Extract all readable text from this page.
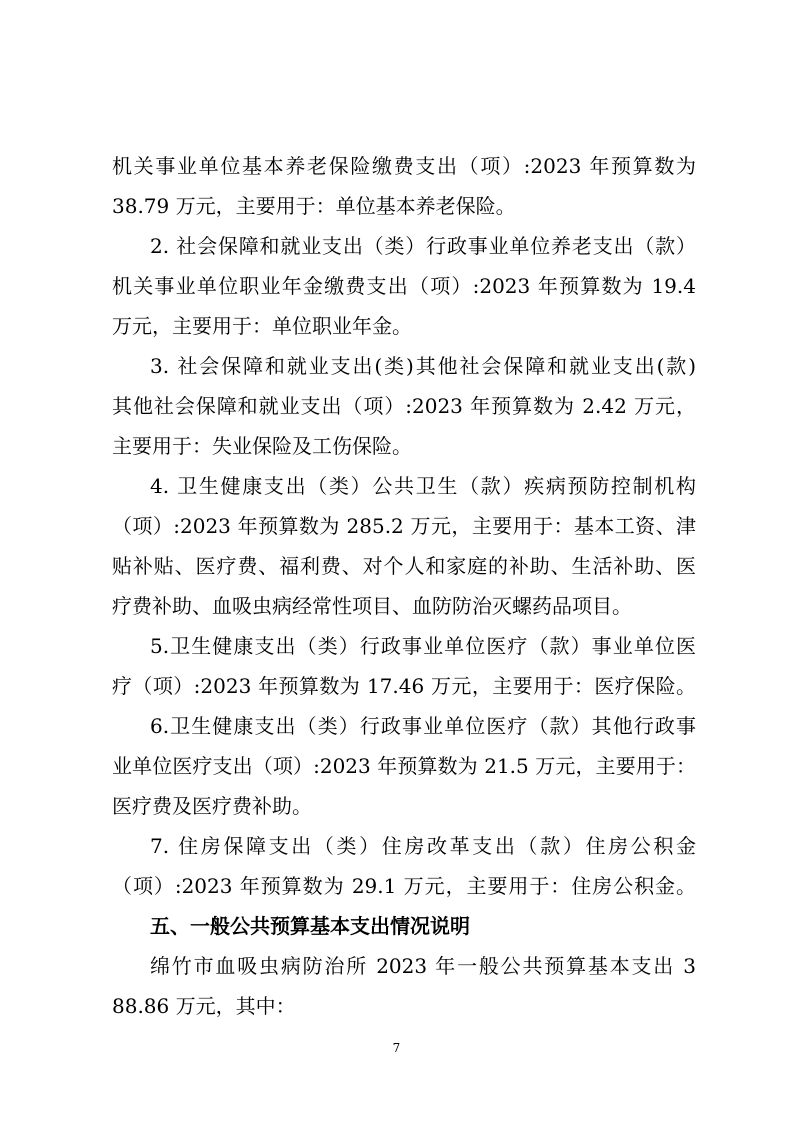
机关事业单位基本养老保险缴费支出（项）:2023 年预算数为
38.79 万元，主要用于：单位基本养老保险。
2. 社会保障和就业支出（类）行政事业单位养老支出（款）
机关事业单位职业年金缴费支出（项）:2023 年预算数为 19.4
万元，主要用于：单位职业年金。
3. 社会保障和就业支出(类)其他社会保障和就业支出(款)
其他社会保障和就业支出（项）:2023 年预算数为 2.42 万元，
主要用于：失业保险及工伤保险。
4. 卫生健康支出（类）公共卫生（款）疾病预防控制机构
（项）:2023 年预算数为 285.2 万元，主要用于：基本工资、津
贴补贴、医疗费、福利费、对个人和家庭的补助、生活补助、医
疗费补助、血吸虫病经常性项目、血防防治灭螺药品项目。
5.卫生健康支出（类）行政事业单位医疗（款）事业单位医
疗（项）:2023 年预算数为 17.46 万元，主要用于：医疗保险。
6.卫生健康支出（类）行政事业单位医疗（款）其他行政事
业单位医疗支出（项）:2023 年预算数为 21.5 万元，主要用于：
医疗费及医疗费补助。
7. 住房保障支出（类）住房改革支出（款）住房公积金
（项）:2023 年预算数为 29.1 万元，主要用于：住房公积金。
五、一般公共预算基本支出情况说明
绵竹市血吸虫病防治所 2023 年一般公共预算基本支出 3
88.86 万元，其中：
7
